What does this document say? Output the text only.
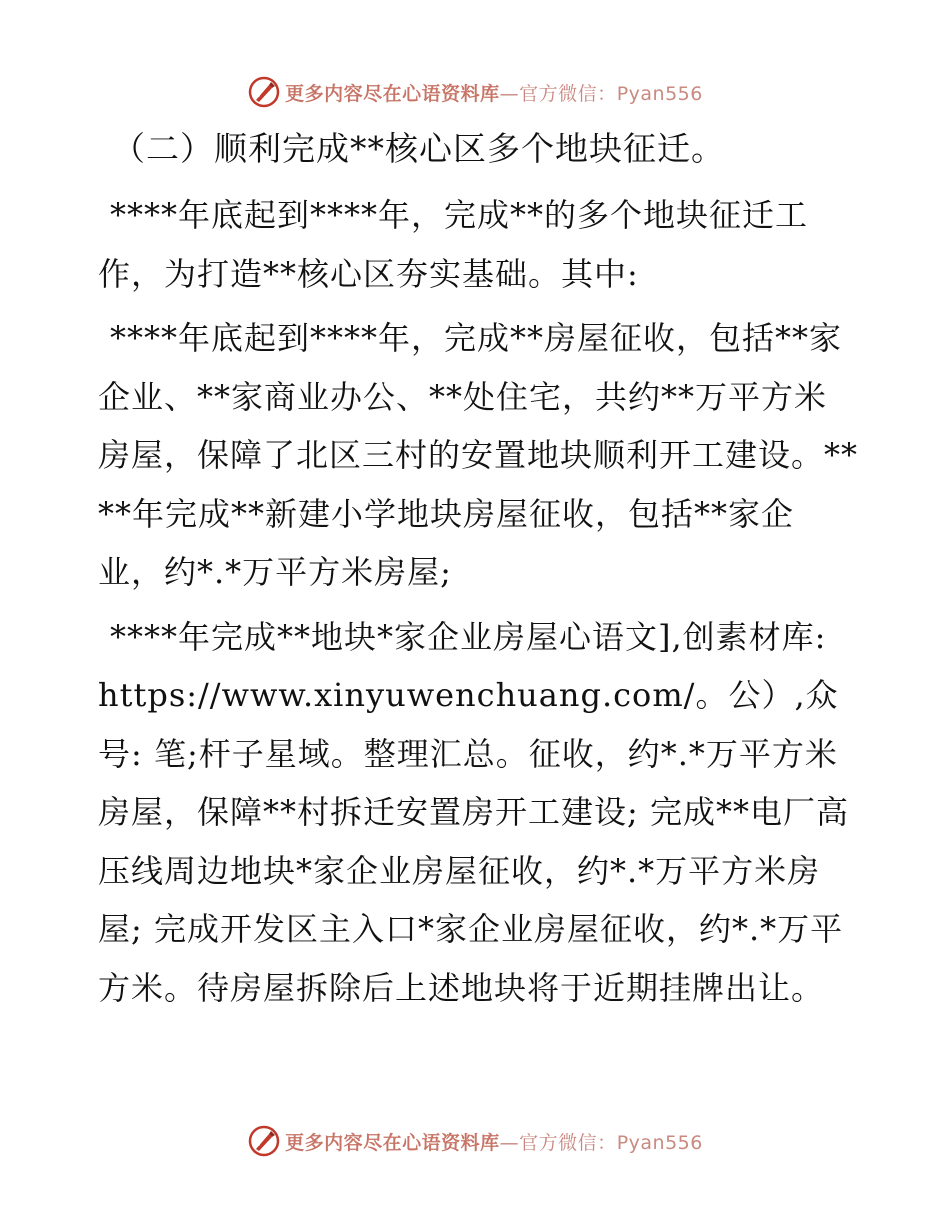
更多内容尽在心语资料库—官方微信：Pyan556

（二）顺利完成**核心区多个地块征迁。

****年底起到****年，完成**的多个地块征迁工作，为打造**核心区夯实基础。其中:

****年底起到****年，完成**房屋征收，包括**家企业、**家商业办公、**处住宅，共约**万平方米房屋，保障了北区三村的安置地块顺利开工建设。****年完成**新建小学地块房屋征收，包括**家企业，约*.*万平方米房屋;

****年完成**地块*家企业房屋心语文],创素材库: https://www.xinyuwenchuang.com/。公）,众号: 笔;杆子星域。整理汇总。征收，约*.*万平方米房屋，保障**村拆迁安置房开工建设; 完成**电厂高压线周边地块*家企业房屋征收，约*.*万平方米房屋; 完成开发区主入口*家企业房屋征收，约*.*万平方米。待房屋拆除后上述地块将于近期挂牌出让。

更多内容尽在心语资料库—官方微信：Pyan556
